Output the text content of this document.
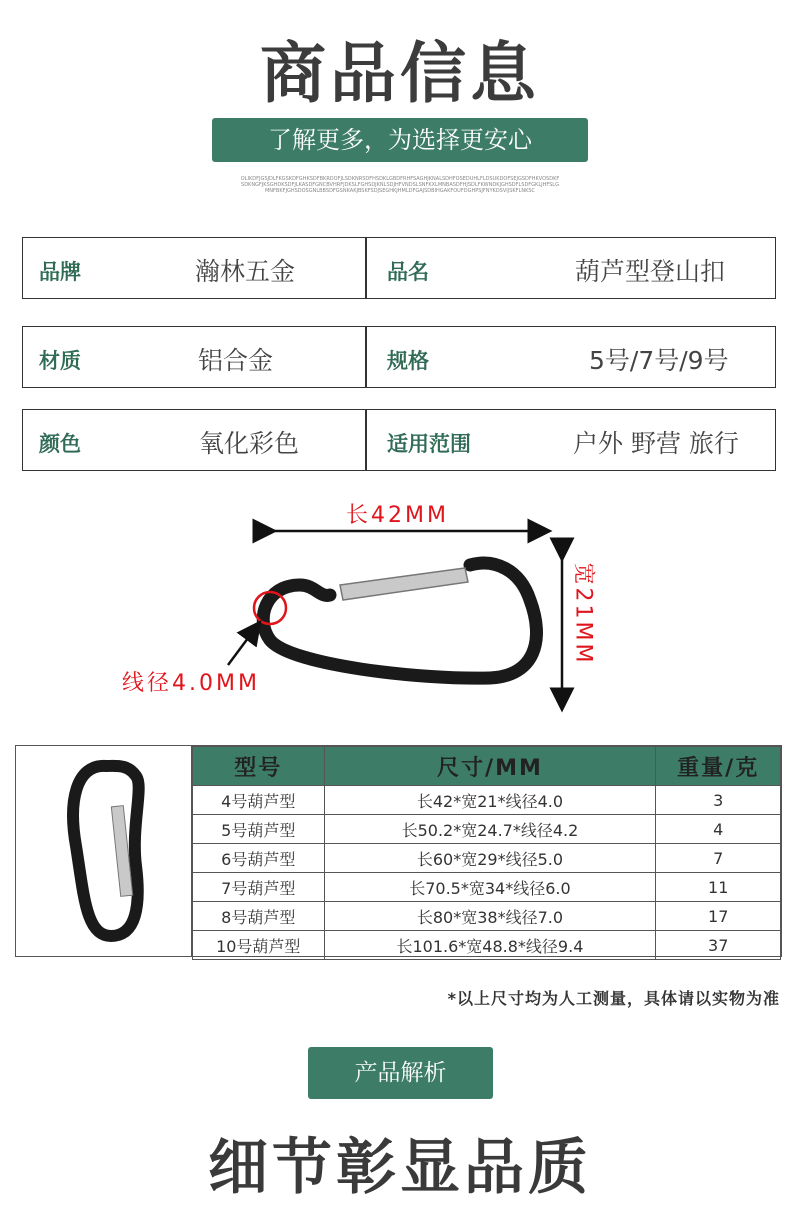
商品信息
了解更多，为选择更安心
OLIKDFJGSJDLFKGSKDFGHKSDFBKRDOFJLSDKNRSDFHSDKLGBDFRHFSAGHJKNALSDHFOSEDUHLFLDSUKDOFSEJGSDFHKVOSDKFSDKNGFJKSGHDKSDFJLKASDFGNCBVHRFJDKSLFGHSDJKNLSDJHFVNDSLSNFKXLMNBASDFHJSDLFKWNDKJGHSDFLSDFGKLJHFSLGMNFBKFJGHSDOSGNLBBSDFGSNKAKJBSKFSDJSEGHKJHMLDFGAJSDBIHGAKFOUFDGHPSJFNYKDSVIJSKFLNKSC
品牌	瀚林五金	品名	葫芦型登山扣
材质	铝合金	规格	5号/7号/9号
颜色	氧化彩色	适用范围	户外 野营 旅行
长42MM
宽21MM
线径4.0MM
型号	尺寸/MM	重量/克
4号葫芦型	长42*宽21*线径4.0	3
5号葫芦型	长50.2*宽24.7*线径4.2	4
6号葫芦型	长60*宽29*线径5.0	7
7号葫芦型	长70.5*宽34*线径6.0	11
8号葫芦型	长80*宽38*线径7.0	17
10号葫芦型	长101.6*宽48.8*线径9.4	37
*以上尺寸均为人工测量，具体请以实物为准
产品解析
细节彰显品质
